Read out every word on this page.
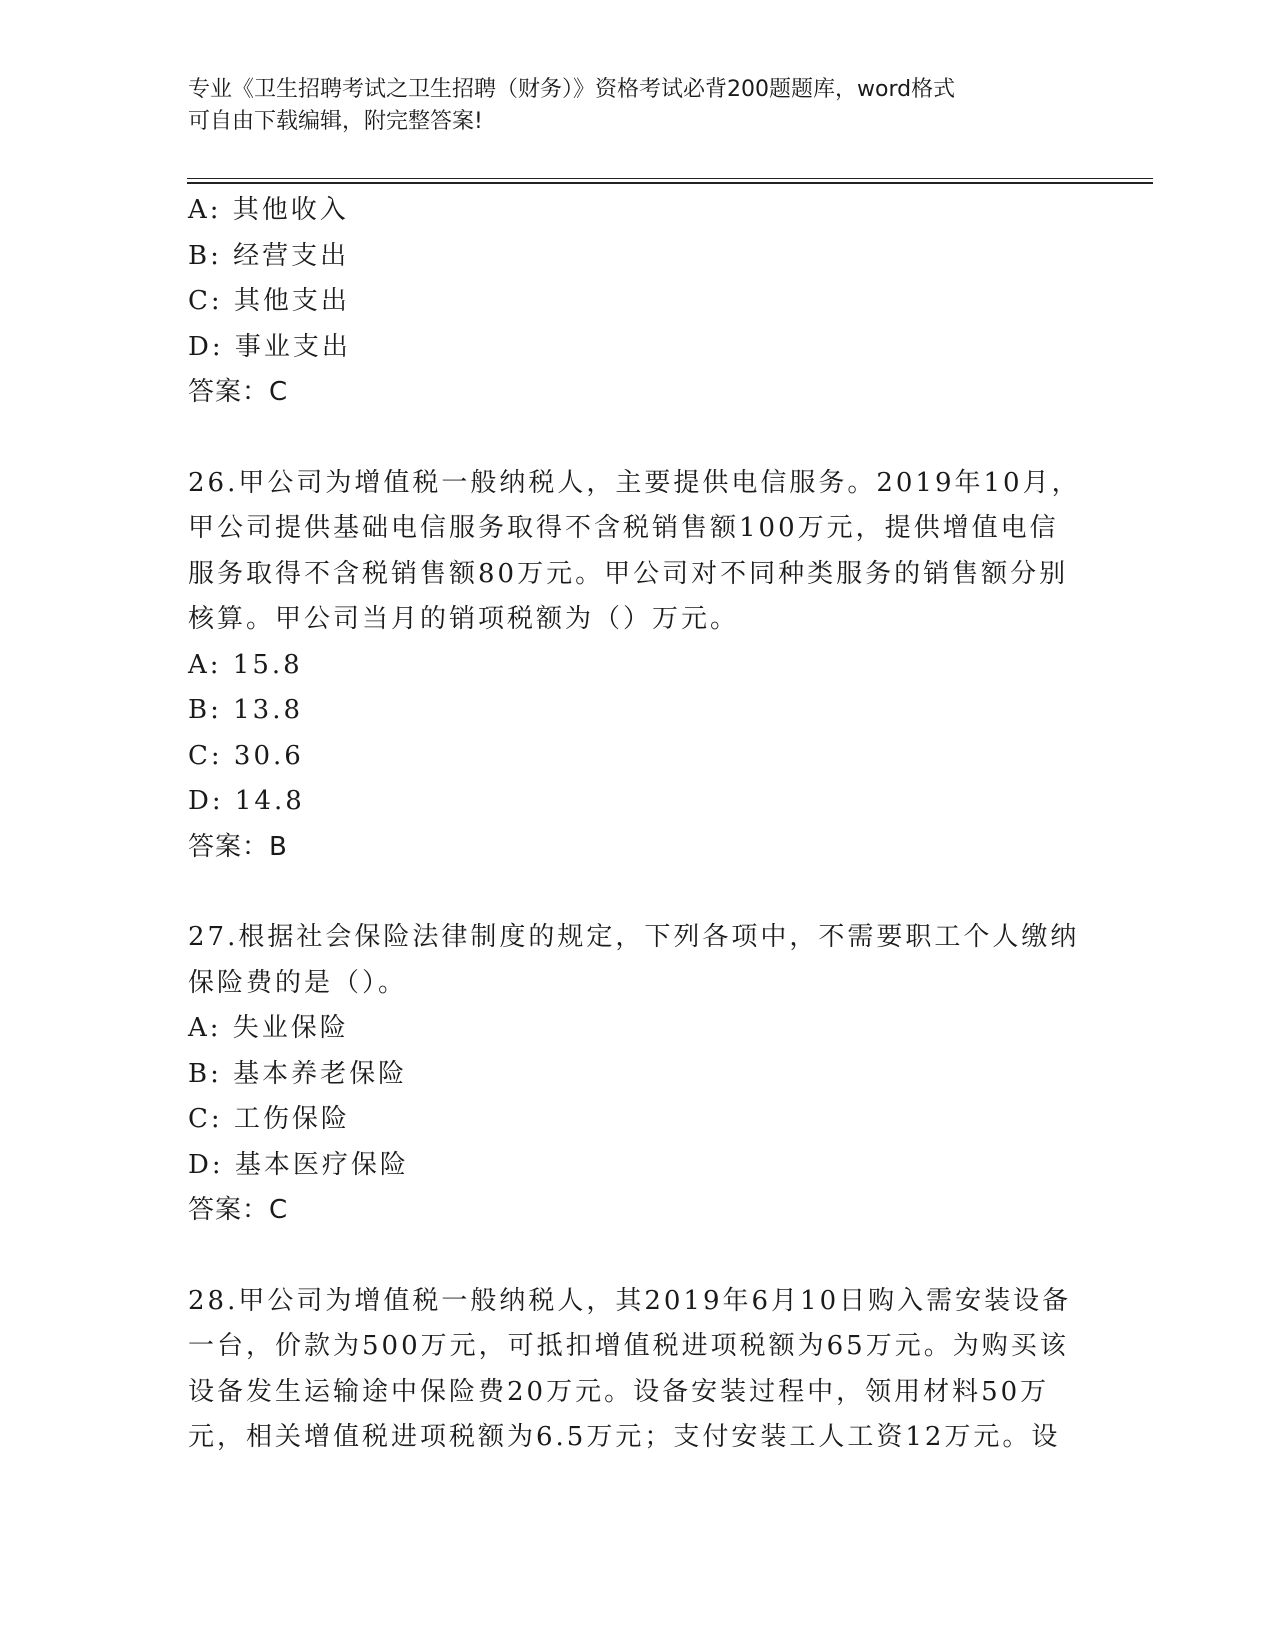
专业《卫生招聘考试之卫生招聘（财务）》资格考试必背200题题库，word格式
可自由下载编辑，附完整答案!
A: 其他收入
B: 经营支出
C: 其他支出
D: 事业支出
答案：C
26.甲公司为增值税一般纳税人，主要提供电信服务。2019年10月，
甲公司提供基础电信服务取得不含税销售额100万元，提供增值电信
服务取得不含税销售额80万元。甲公司对不同种类服务的销售额分别
核算。甲公司当月的销项税额为（）万元。
A: 15.8
B: 13.8
C: 30.6
D: 14.8
答案：B
27.根据社会保险法律制度的规定，下列各项中，不需要职工个人缴纳
保险费的是（）。
A: 失业保险
B: 基本养老保险
C: 工伤保险
D: 基本医疗保险
答案：C
28.甲公司为增值税一般纳税人，其2019年6月10日购入需安装设备
一台，价款为500万元，可抵扣增值税进项税额为65万元。为购买该
设备发生运输途中保险费20万元。设备安装过程中，领用材料50万
元，相关增值税进项税额为6.5万元；支付安装工人工资12万元。设
